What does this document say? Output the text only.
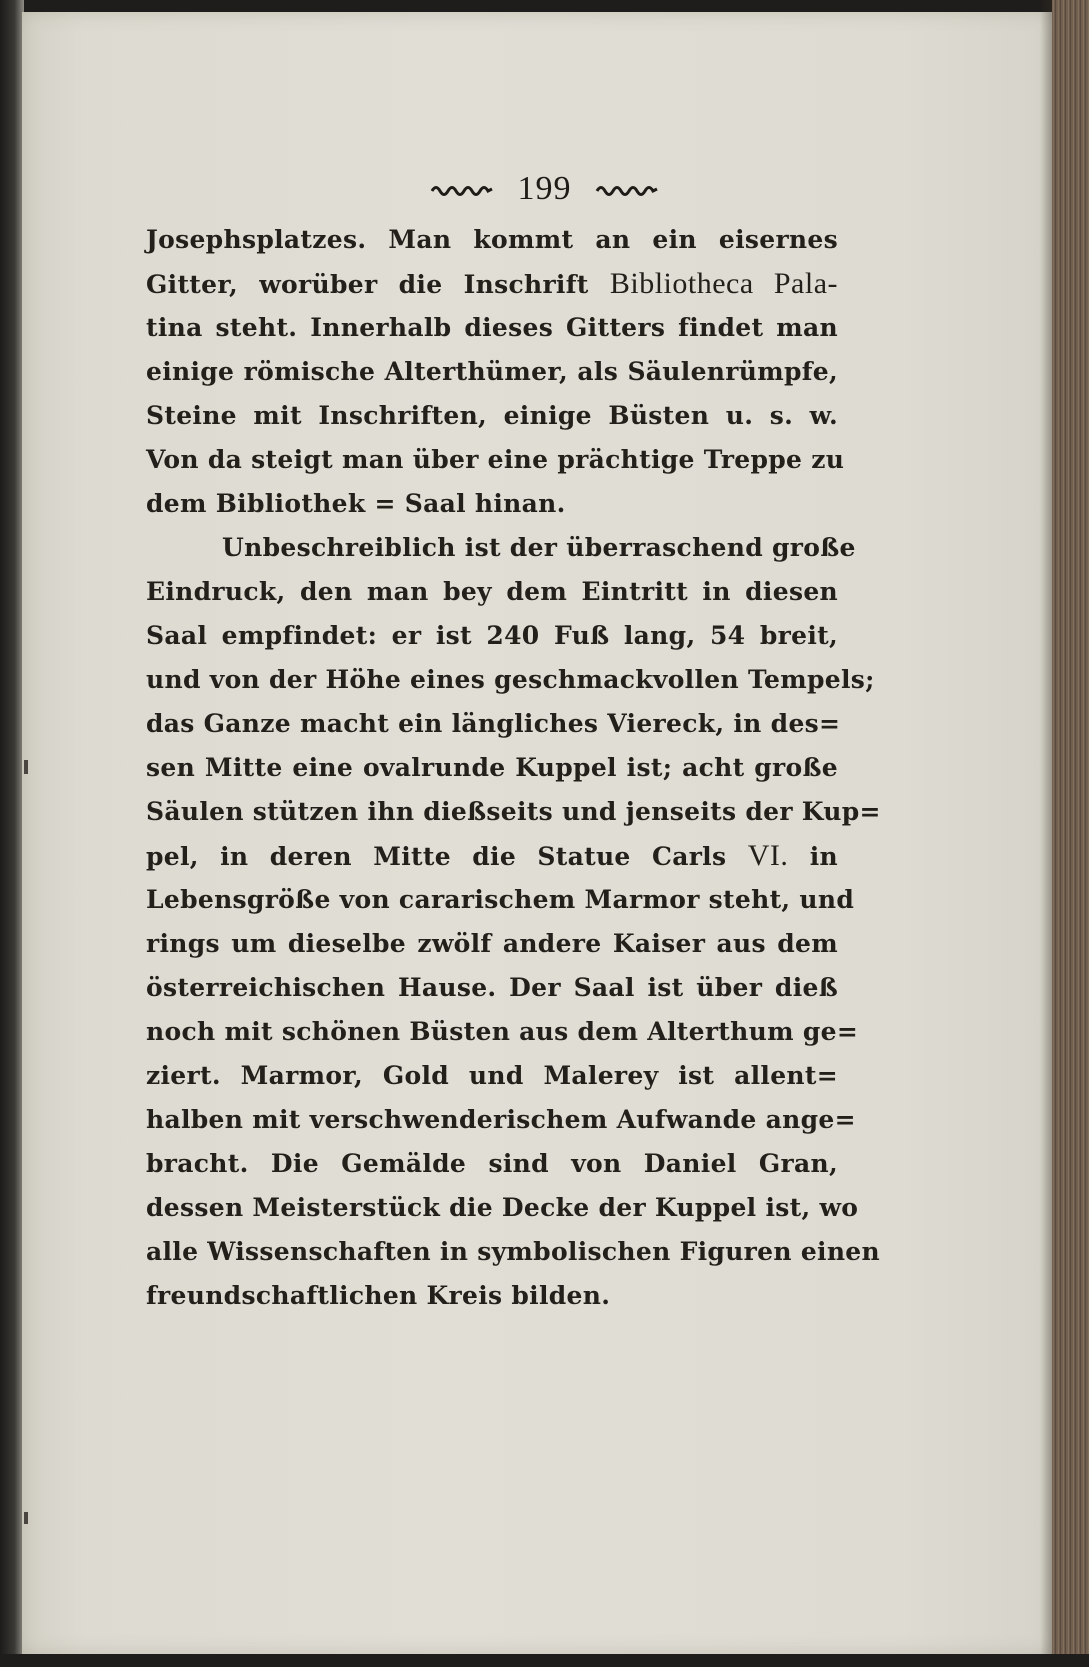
199
Josephsplatzes. Man kommt an ein eisernes
Gitter, worüber die Inschrift Bibliotheca Pala-
tina steht. Innerhalb dieses Gitters findet man
einige römische Alterthümer, als Säulenrümpfe,
Steine mit Inschriften, einige Büsten u. s. w.
Von da steigt man über eine prächtige Treppe zu
dem Bibliothek = Saal hinan.
Unbeschreiblich ist der überraschend große
Eindruck, den man bey dem Eintritt in diesen
Saal empfindet: er ist 240 Fuß lang, 54 breit,
und von der Höhe eines geschmackvollen Tempels;
das Ganze macht ein längliches Viereck, in des=
sen Mitte eine ovalrunde Kuppel ist; acht große
Säulen stützen ihn dießseits und jenseits der Kup=
pel, in deren Mitte die Statue Carls VI. in
Lebensgröße von cararischem Marmor steht, und
rings um dieselbe zwölf andere Kaiser aus dem
österreichischen Hause. Der Saal ist über dieß
noch mit schönen Büsten aus dem Alterthum ge=
ziert. Marmor, Gold und Malerey ist allent=
halben mit verschwenderischem Aufwande ange=
bracht. Die Gemälde sind von Daniel Gran,
dessen Meisterstück die Decke der Kuppel ist, wo
alle Wissenschaften in symbolischen Figuren einen
freundschaftlichen Kreis bilden.
